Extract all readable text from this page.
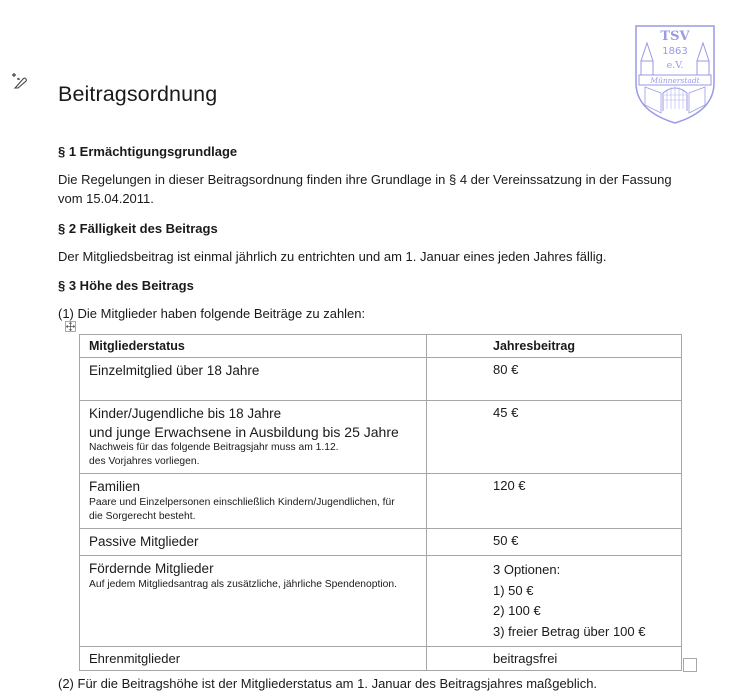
TSV
1863
e.V.
Münnerstadt
Beitragsordnung
§ 1 Ermächtigungsgrundlage

Die Regelungen in dieser Beitragsordnung finden ihre Grundlage in § 4 der Vereinssatzung in der Fassung vom 15.04.2011.

§ 2 Fälligkeit des Beitrags

Der Mitgliedsbeitrag ist einmal jährlich zu entrichten und am 1. Januar eines jeden Jahres fällig.

§ 3 Höhe des Beitrags

(1) Die Mitglieder haben folgende Beiträge zu zahlen:

Mitgliederstatus	Jahresbeitrag

Einzelmitglied über 18 Jahre	80 €

Kinder/Jugendliche bis 18 Jahre
und junge Erwachsene in Ausbildung bis 25 Jahre
Nachweis für das folgende Beitragsjahr muss am 1.12.
des Vorjahres vorliegen.	45 €

Familien
Paare und Einzelpersonen einschließlich Kindern/Jugendlichen, für
die Sorgerecht besteht.	120 €

Passive Mitglieder	50 €

Fördernde Mitglieder
Auf jedem Mitgliedsantrag als zusätzliche, jährliche Spendenoption.	3 Optionen:
1) 50 €
2) 100 €
3) freier Betrag über 100 €

Ehrenmitglieder	beitragsfrei

(2) Für die Beitragshöhe ist der Mitgliederstatus am 1. Januar des Beitragsjahres maßgeblich.
